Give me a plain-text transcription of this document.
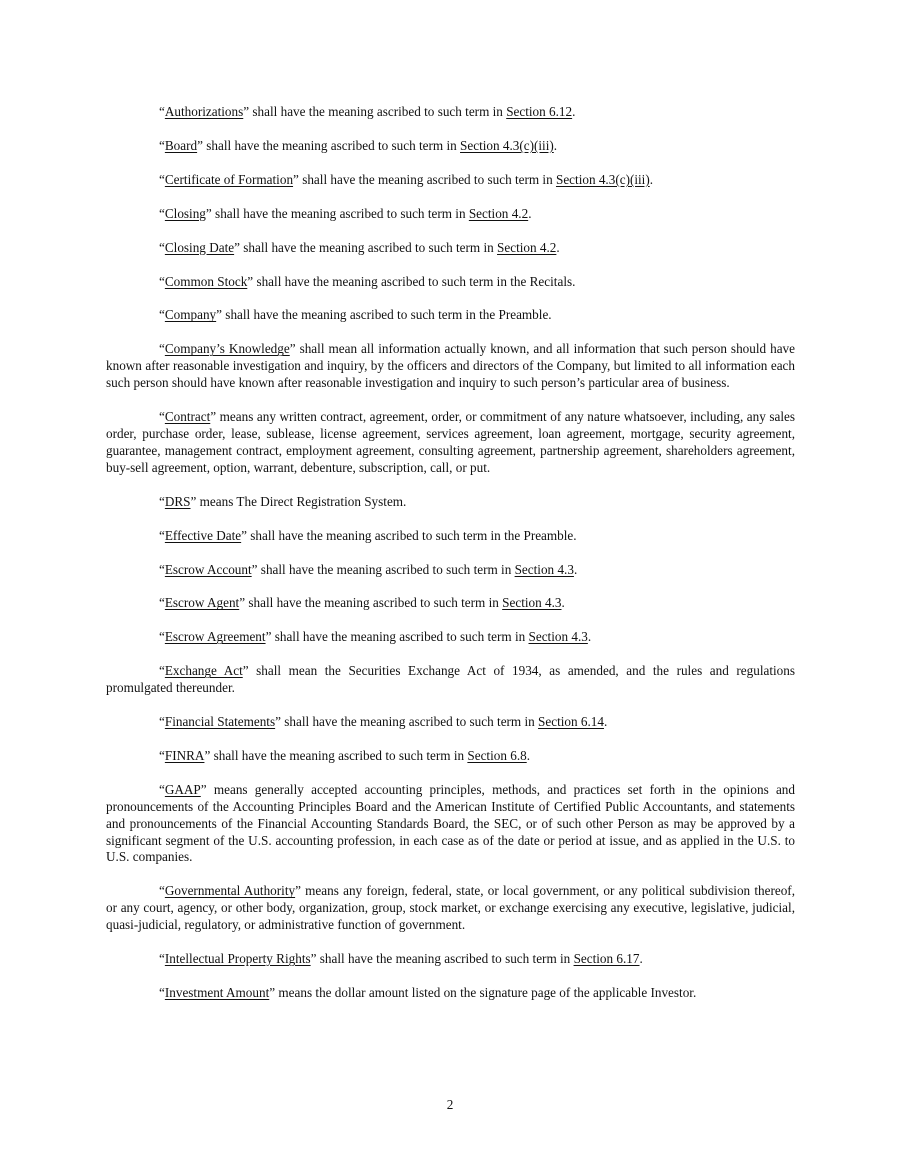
“Authorizations” shall have the meaning ascribed to such term in Section 6.12.

“Board” shall have the meaning ascribed to such term in Section 4.3(c)(iii).

“Certificate of Formation” shall have the meaning ascribed to such term in Section 4.3(c)(iii).

“Closing” shall have the meaning ascribed to such term in Section 4.2.

“Closing Date” shall have the meaning ascribed to such term in Section 4.2.

“Common Stock” shall have the meaning ascribed to such term in the Recitals.

“Company” shall have the meaning ascribed to such term in the Preamble.

“Company’s Knowledge” shall mean all information actually known, and all information that such person should have known after reasonable investigation and inquiry, by the officers and directors of the Company, but limited to all information each such person should have known after reasonable investigation and inquiry to such person’s particular area of business.

“Contract” means any written contract, agreement, order, or commitment of any nature whatsoever, including, any sales order, purchase order, lease, sublease, license agreement, services agreement, loan agreement, mortgage, security agreement, guarantee, management contract, employment agreement, consulting agreement, partnership agreement, shareholders agreement, buy-sell agreement, option, warrant, debenture, subscription, call, or put.

“DRS” means The Direct Registration System.

“Effective Date” shall have the meaning ascribed to such term in the Preamble.

“Escrow Account” shall have the meaning ascribed to such term in Section 4.3.

“Escrow Agent” shall have the meaning ascribed to such term in Section 4.3.

“Escrow Agreement” shall have the meaning ascribed to such term in Section 4.3.

“Exchange Act” shall mean the Securities Exchange Act of 1934, as amended, and the rules and regulations promulgated thereunder.

“Financial Statements” shall have the meaning ascribed to such term in Section 6.14.

“FINRA” shall have the meaning ascribed to such term in Section 6.8.

“GAAP” means generally accepted accounting principles, methods, and practices set forth in the opinions and pronouncements of the Accounting Principles Board and the American Institute of Certified Public Accountants, and statements and pronouncements of the Financial Accounting Standards Board, the SEC, or of such other Person as may be approved by a significant segment of the U.S. accounting profession, in each case as of the date or period at issue, and as applied in the U.S. to U.S. companies.

“Governmental Authority” means any foreign, federal, state, or local government, or any political subdivision thereof, or any court, agency, or other body, organization, group, stock market, or exchange exercising any executive, legislative, judicial, quasi-judicial, regulatory, or administrative function of government.

“Intellectual Property Rights” shall have the meaning ascribed to such term in Section 6.17.

“Investment Amount” means the dollar amount listed on the signature page of the applicable Investor.

2
